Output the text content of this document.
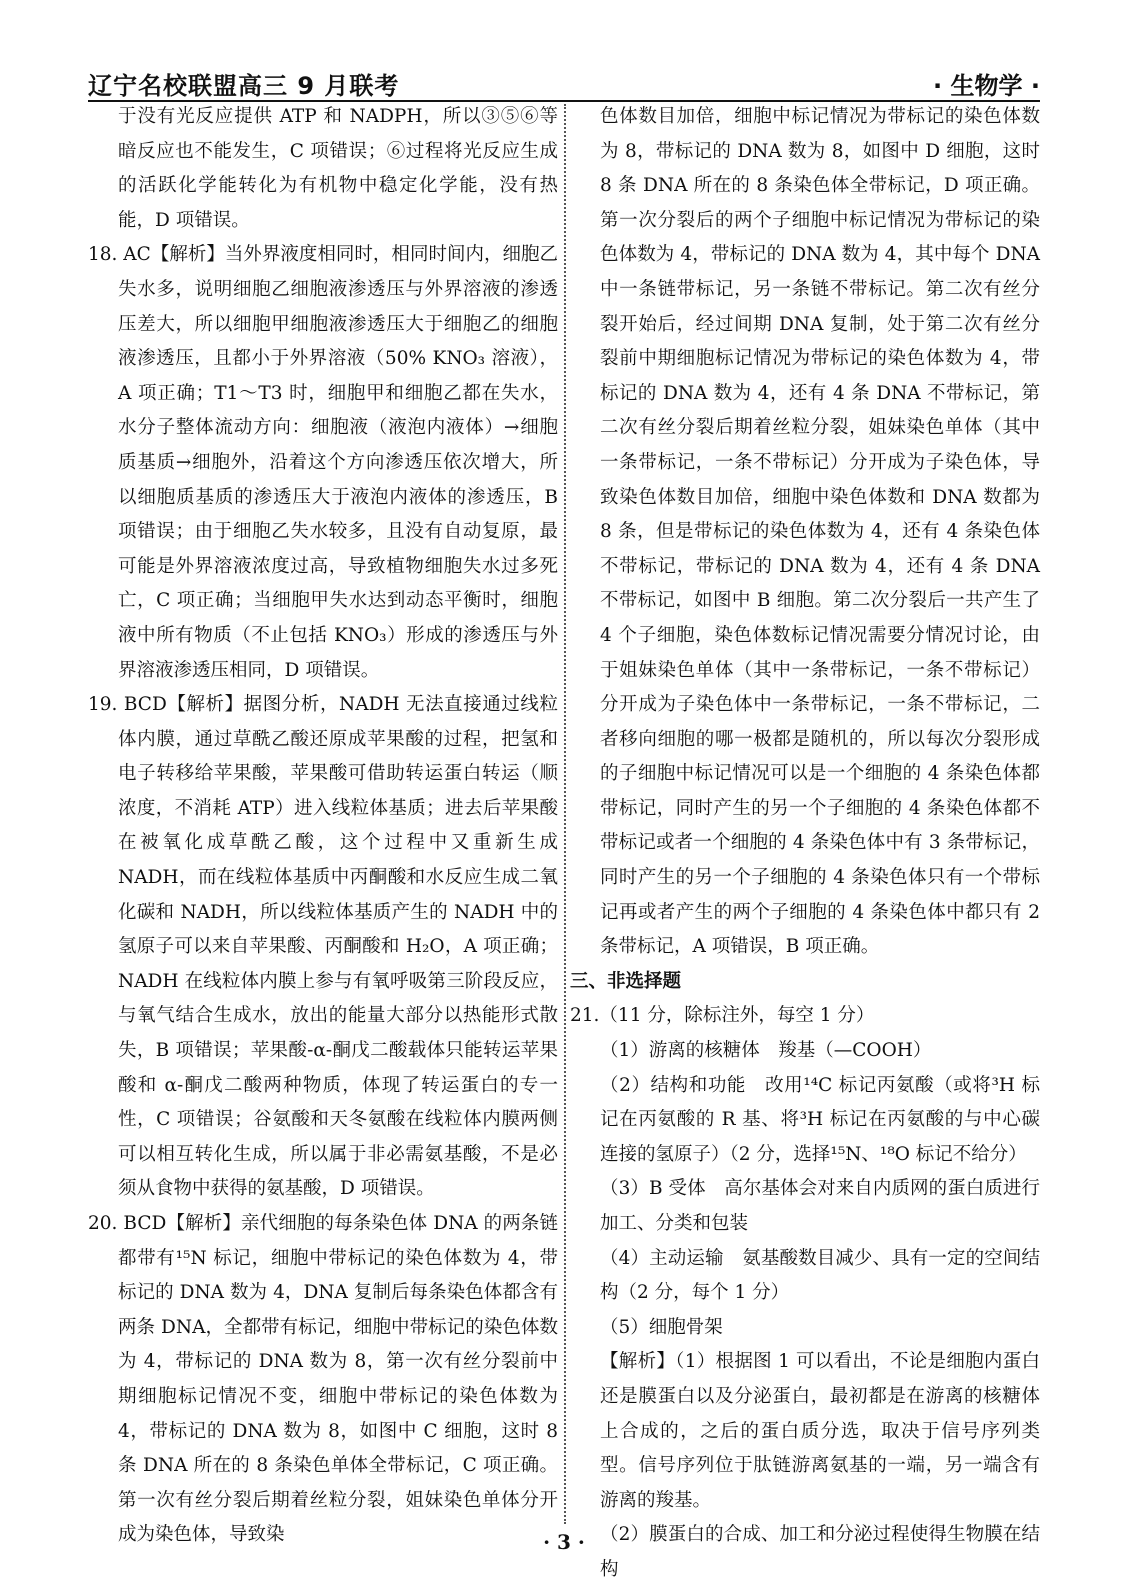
辽宁名校联盟高三 9 月联考	· 生物学 ·

于没有光反应提供 ATP 和 NADPH，所以③⑤⑥等暗反应也不能发生，C 项错误；⑥过程将光反应生成的活跃化学能转化为有机物中稳定化学能，没有热能，D 项错误。

18. AC【解析】当外界液度相同时，相同时间内，细胞乙失水多，说明细胞乙细胞液渗透压与外界溶液的渗透压差大，所以细胞甲细胞液渗透压大于细胞乙的细胞液渗透压，且都小于外界溶液（50% KNO₃ 溶液），A 项正确；T1～T3 时，细胞甲和细胞乙都在失水，水分子整体流动方向：细胞液（液泡内液体）→细胞质基质→细胞外，沿着这个方向渗透压依次增大，所以细胞质基质的渗透压大于液泡内液体的渗透压，B 项错误；由于细胞乙失水较多，且没有自动复原，最可能是外界溶液浓度过高，导致植物细胞失水过多死亡，C 项正确；当细胞甲失水达到动态平衡时，细胞液中所有物质（不止包括 KNO₃）形成的渗透压与外界溶液渗透压相同，D 项错误。

19. BCD【解析】据图分析，NADH 无法直接通过线粒体内膜，通过草酰乙酸还原成苹果酸的过程，把氢和电子转移给苹果酸，苹果酸可借助转运蛋白转运（顺浓度，不消耗 ATP）进入线粒体基质；进去后苹果酸在被氧化成草酰乙酸，这个过程中又重新生成 NADH，而在线粒体基质中丙酮酸和水反应生成二氧化碳和 NADH，所以线粒体基质产生的 NADH 中的氢原子可以来自苹果酸、丙酮酸和 H₂O，A 项正确；NADH 在线粒体内膜上参与有氧呼吸第三阶段反应，与氧气结合生成水，放出的能量大部分以热能形式散失，B 项错误；苹果酸-α-酮戊二酸载体只能转运苹果酸和 α-酮戊二酸两种物质，体现了转运蛋白的专一性，C 项错误；谷氨酸和天冬氨酸在线粒体内膜两侧可以相互转化生成，所以属于非必需氨基酸，不是必须从食物中获得的氨基酸，D 项错误。

20. BCD【解析】亲代细胞的每条染色体 DNA 的两条链都带有¹⁵N 标记，细胞中带标记的染色体数为 4，带标记的 DNA 数为 4，DNA 复制后每条染色体都含有两条 DNA，全都带有标记，细胞中带标记的染色体数为 4，带标记的 DNA 数为 8，第一次有丝分裂前中期细胞标记情况不变，细胞中带标记的染色体数为 4，带标记的 DNA 数为 8，如图中 C 细胞，这时 8 条 DNA 所在的 8 条染色单体全带标记，C 项正确。第一次有丝分裂后期着丝粒分裂，姐妹染色单体分开成为染色体，导致染

色体数目加倍，细胞中标记情况为带标记的染色体数为 8，带标记的 DNA 数为 8，如图中 D 细胞，这时 8 条 DNA 所在的 8 条染色体全带标记，D 项正确。第一次分裂后的两个子细胞中标记情况为带标记的染色体数为 4，带标记的 DNA 数为 4，其中每个 DNA 中一条链带标记，另一条链不带标记。第二次有丝分裂开始后，经过间期 DNA 复制，处于第二次有丝分裂前中期细胞标记情况为带标记的染色体数为 4，带标记的 DNA 数为 4，还有 4 条 DNA 不带标记，第二次有丝分裂后期着丝粒分裂，姐妹染色单体（其中一条带标记，一条不带标记）分开成为子染色体，导致染色体数目加倍，细胞中染色体数和 DNA 数都为 8 条，但是带标记的染色体数为 4，还有 4 条染色体不带标记，带标记的 DNA 数为 4，还有 4 条 DNA 不带标记，如图中 B 细胞。第二次分裂后一共产生了 4 个子细胞，染色体数标记情况需要分情况讨论，由于姐妹染色单体（其中一条带标记，一条不带标记）分开成为子染色体中一条带标记，一条不带标记，二者移向细胞的哪一极都是随机的，所以每次分裂形成的子细胞中标记情况可以是一个细胞的 4 条染色体都带标记，同时产生的另一个子细胞的 4 条染色体都不带标记或者一个细胞的 4 条染色体中有 3 条带标记，同时产生的另一个子细胞的 4 条染色体只有一个带标记再或者产生的两个子细胞的 4 条染色体中都只有 2 条带标记，A 项错误，B 项正确。

三、非选择题

21.（11 分，除标注外，每空 1 分）

（1）游离的核糖体　羧基（—COOH）

（2）结构和功能　改用¹⁴C 标记丙氨酸（或将³H 标记在丙氨酸的 R 基、将³H 标记在丙氨酸的与中心碳连接的氢原子）（2 分，选择¹⁵N、¹⁸O 标记不给分）

（3）B 受体　高尔基体会对来自内质网的蛋白质进行加工、分类和包装

（4）主动运输　氨基酸数目减少、具有一定的空间结构（2 分，每个 1 分）

（5）细胞骨架

【解析】（1）根据图 1 可以看出，不论是细胞内蛋白还是膜蛋白以及分泌蛋白，最初都是在游离的核糖体上合成的，之后的蛋白质分选，取决于信号序列类型。信号序列位于肽链游离氨基的一端，另一端含有游离的羧基。

（2）膜蛋白的合成、加工和分泌过程使得生物膜在结构

· 3 ·
